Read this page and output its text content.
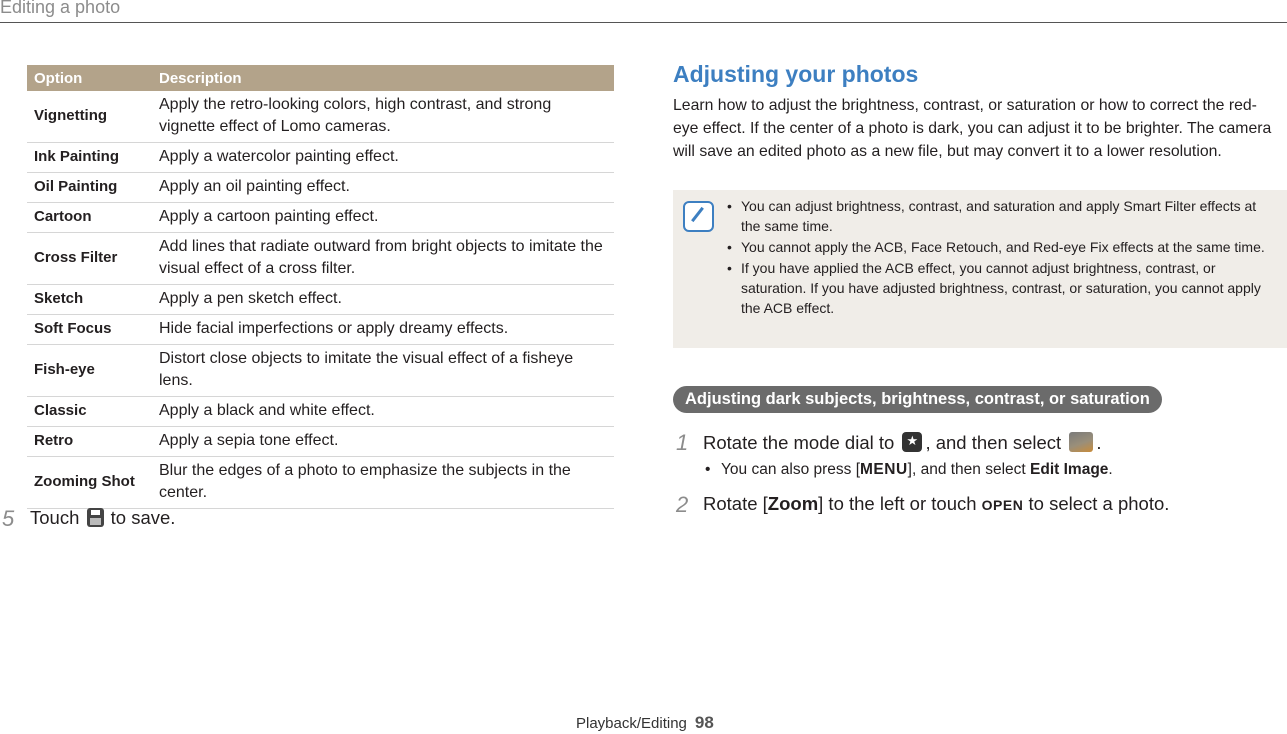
Editing a photo
Option	Description
Vignetting	Apply the retro-looking colors, high contrast, and strong vignette effect of Lomo cameras.
Ink Painting	Apply a watercolor painting effect.
Oil Painting	Apply an oil painting effect.
Cartoon	Apply a cartoon painting effect.
Cross Filter	Add lines that radiate outward from bright objects to imitate the visual effect of a cross filter.
Sketch	Apply a pen sketch effect.
Soft Focus	Hide facial imperfections or apply dreamy effects.
Fish-eye	Distort close objects to imitate the visual effect of a fisheye lens.
Classic	Apply a black and white effect.
Retro	Apply a sepia tone effect.
Zooming Shot	Blur the edges of a photo to emphasize the subjects in the center.
5 Touch to save.
Adjusting your photos
Learn how to adjust the brightness, contrast, or saturation or how to correct the red-eye effect. If the center of a photo is dark, you can adjust it to be brighter. The camera will save an edited photo as a new file, but may convert it to a lower resolution.
• You can adjust brightness, contrast, and saturation and apply Smart Filter effects at the same time.
• You cannot apply the ACB, Face Retouch, and Red-eye Fix effects at the same time.
• If you have applied the ACB effect, you cannot adjust brightness, contrast, or saturation. If you have adjusted brightness, contrast, or saturation, you cannot apply the ACB effect.
Adjusting dark subjects, brightness, contrast, or saturation
1 Rotate the mode dial to ★ , and then select .
• You can also press [MENU], and then select Edit Image.
2 Rotate [Zoom] to the left or touch OPEN to select a photo.
Playback/Editing 98
